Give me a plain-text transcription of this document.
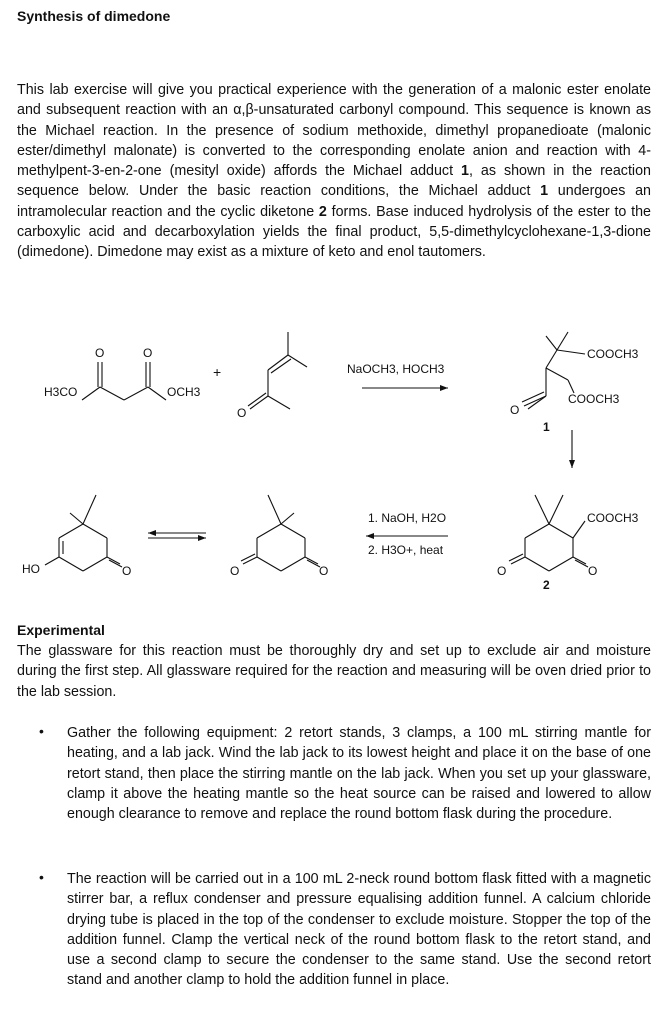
Synthesis of dimedone

This lab exercise will give you practical experience with the generation of a malonic ester enolate and subsequent reaction with an α,β-unsaturated carbonyl compound. This sequence is known as the Michael reaction. In the presence of sodium methoxide, dimethyl propanedioate (malonic ester/dimethyl malonate) is converted to the corresponding enolate anion and reaction with 4-methylpent-3-en-2-one (mesityl oxide) affords the Michael adduct 1, as shown in the reaction sequence below. Under the basic reaction conditions, the Michael adduct 1 undergoes an intramolecular reaction and the cyclic diketone 2 forms. Base induced hydrolysis of the ester to the carboxylic acid and decarboxylation yields the final product, 5,5-dimethylcyclohexane-1,3-dione (dimedone). Dimedone may exist as a mixture of keto and enol tautomers.

H3CO	OCH3
O	O
+
O
NaOCH3, HOCH3
COOCH3
COOCH3
O
1
HO	O	O	O
1. NaOH, H2O
2. H3O+, heat
COOCH3
O	O
2
Experimental

The glassware for this reaction must be thoroughly dry and set up to exclude air and moisture during the first step. All glassware required for the reaction and measuring will be oven dried prior to the lab session.

• Gather the following equipment: 2 retort stands, 3 clamps, a 100 mL stirring mantle for heating, and a lab jack. Wind the lab jack to its lowest height and place it on the base of one retort stand, then place the stirring mantle on the lab jack. When you set up your glassware, clamp it above the heating mantle so the heat source can be raised and lowered to allow enough clearance to remove and replace the round bottom flask during the procedure.

• The reaction will be carried out in a 100 mL 2-neck round bottom flask fitted with a magnetic stirrer bar, a reflux condenser and pressure equalising addition funnel. A calcium chloride drying tube is placed in the top of the condenser to exclude moisture. Stopper the top of the addition funnel. Clamp the vertical neck of the round bottom flask to the retort stand, and use a second clamp to secure the condenser to the same stand. Use the second retort stand and another clamp to hold the addition funnel in place.
